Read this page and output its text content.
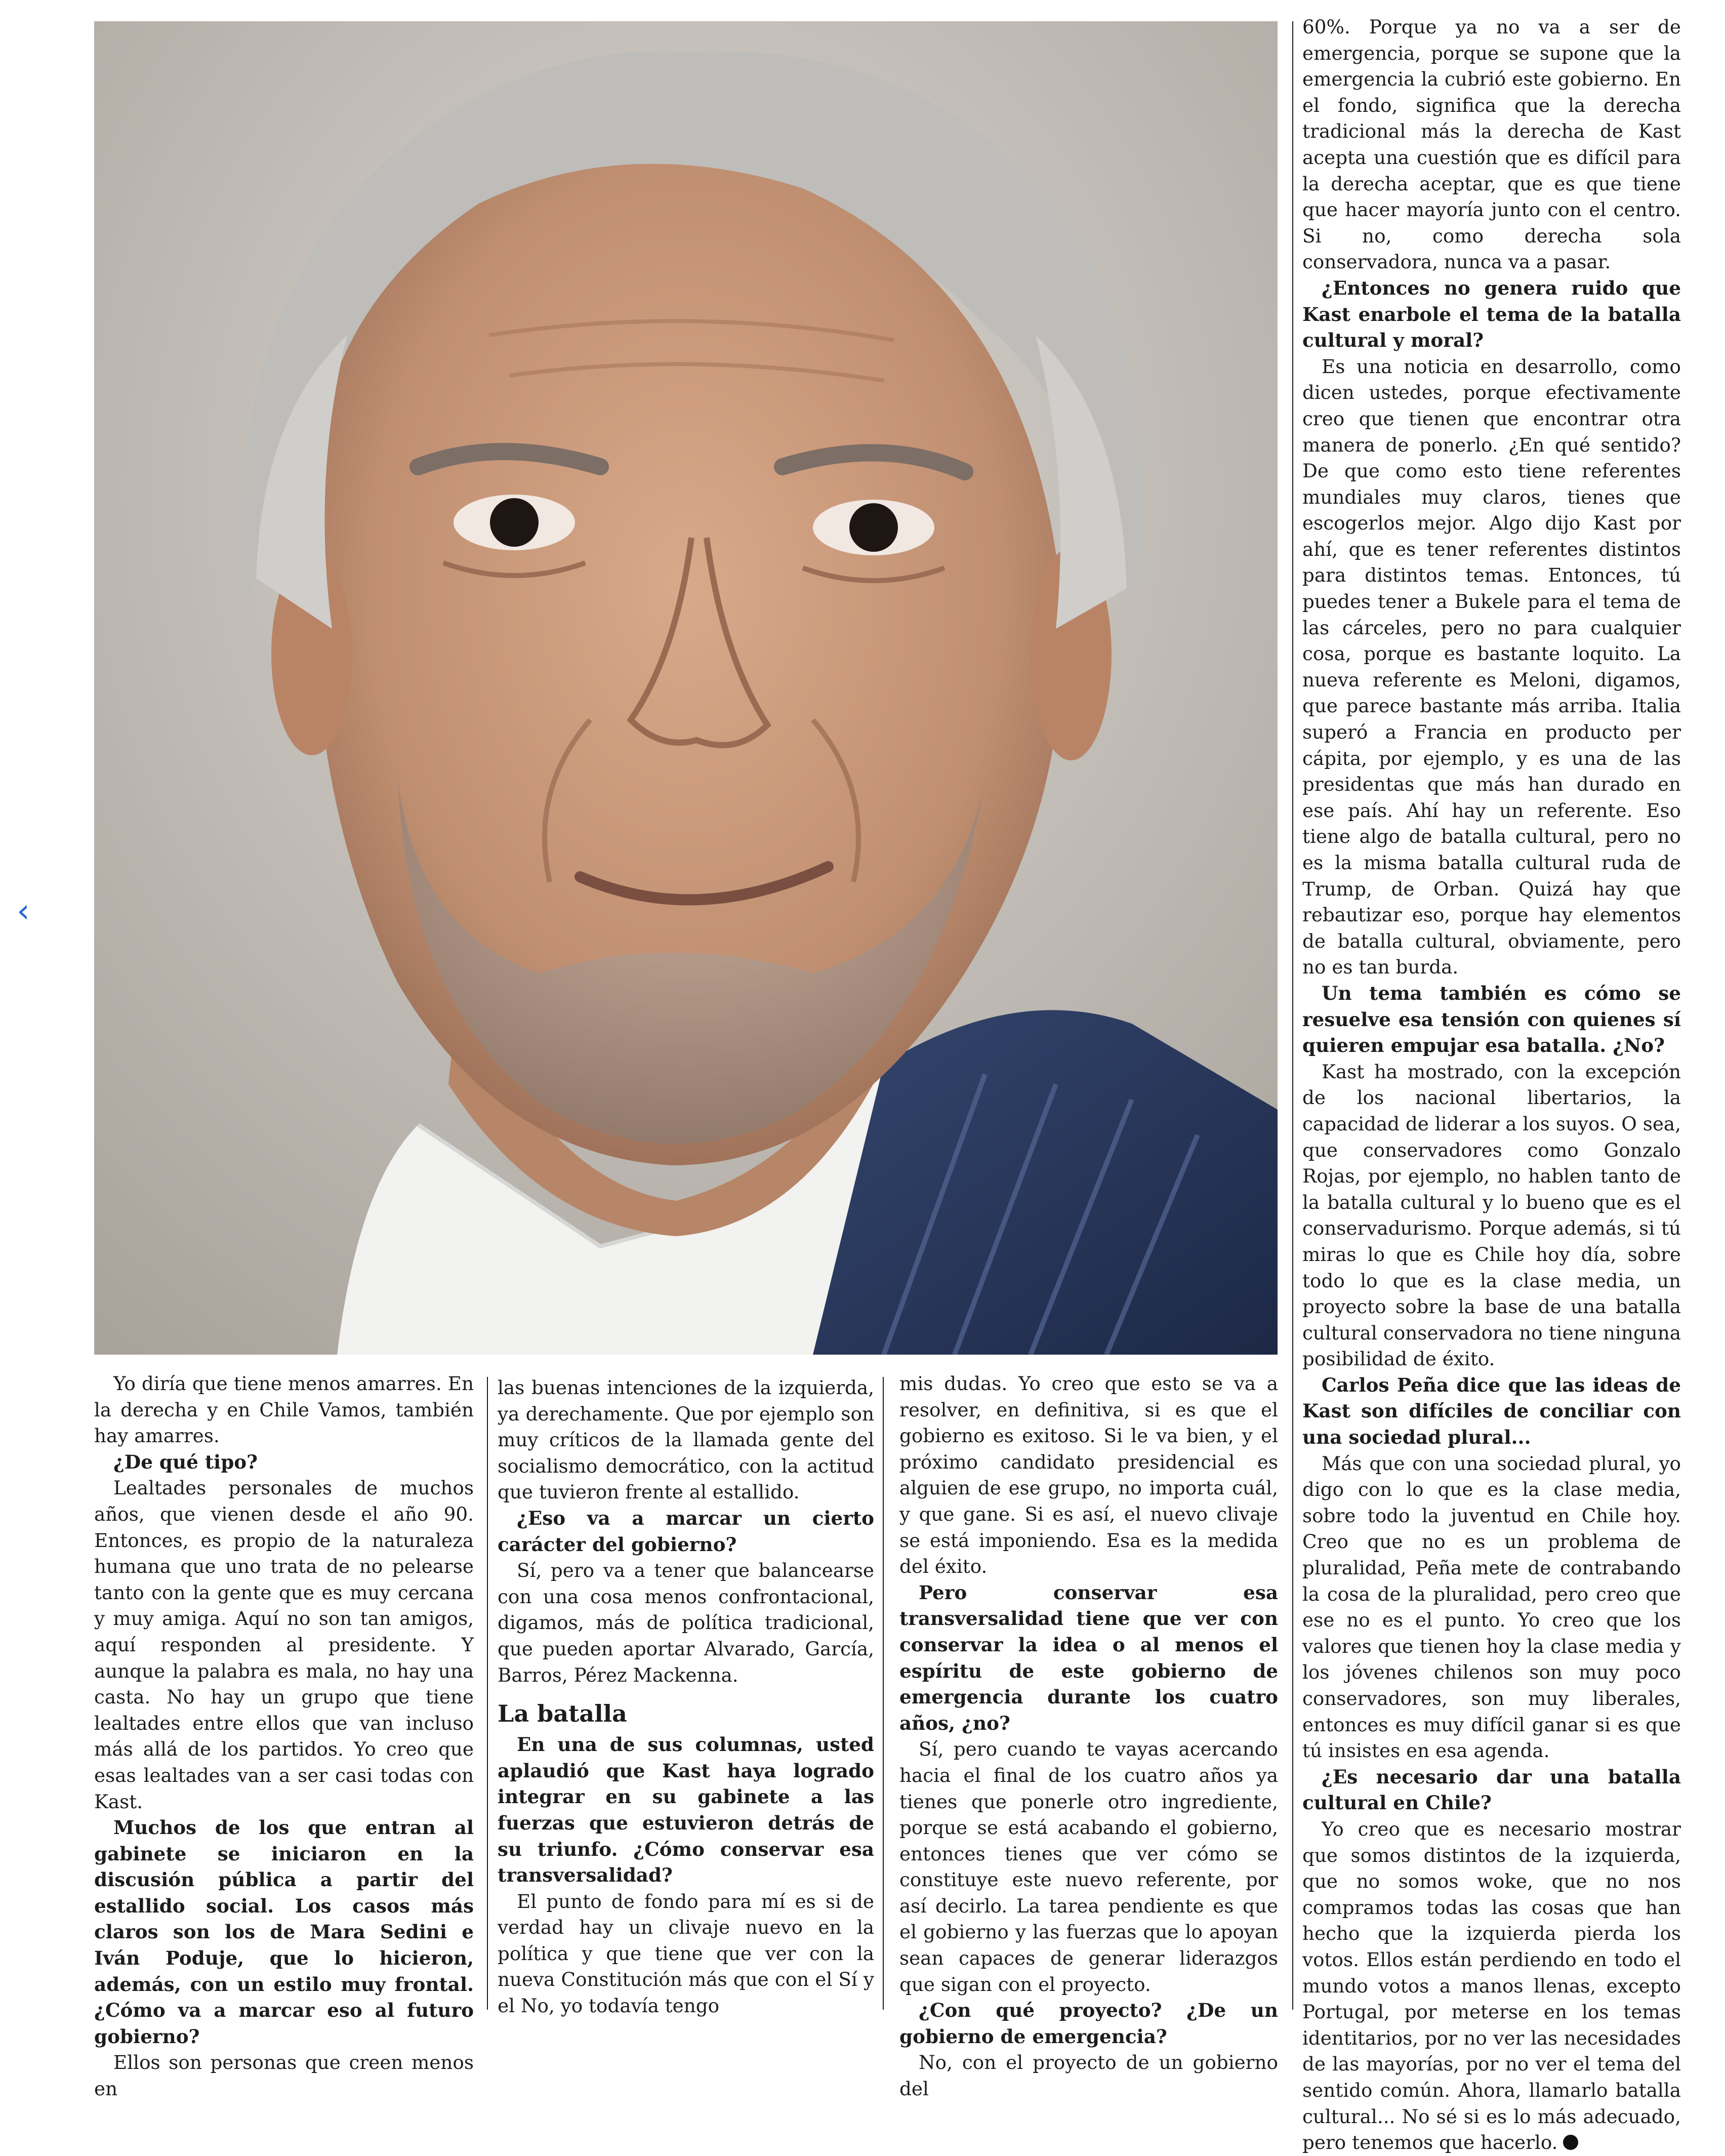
‹

Yo diría que tiene menos amarres. En la derecha y en Chile Vamos, también hay amarres.

¿De qué tipo?

Lealtades personales de muchos años, que vienen desde el año 90. Entonces, es propio de la naturaleza humana que uno trata de no pelearse tanto con la gente que es muy cercana y muy amiga. Aquí no son tan amigos, aquí responden al presidente. Y aunque la palabra es mala, no hay una casta. No hay un grupo que tiene lealtades entre ellos que van incluso más allá de los partidos. Yo creo que esas lealtades van a ser casi todas con Kast.

Muchos de los que entran al gabinete se iniciaron en la discusión pública a partir del estallido social. Los casos más claros son los de Mara Sedini e Iván Poduje, que lo hicieron, además, con un estilo muy frontal. ¿Cómo va a marcar eso al futuro gobierno?

Ellos son personas que creen menos en

las buenas intenciones de la izquierda, ya derechamente. Que por ejemplo son muy críticos de la llamada gente del socialismo democrático, con la actitud que tuvieron frente al estallido.

¿Eso va a marcar un cierto carácter del gobierno?

Sí, pero va a tener que balancearse con una cosa menos confrontacional, digamos, más de política tradicional, que pueden aportar Alvarado, García, Barros, Pérez Mackenna.

La batalla

En una de sus columnas, usted aplaudió que Kast haya logrado integrar en su gabinete a las fuerzas que estuvieron detrás de su triunfo. ¿Cómo conservar esa transversalidad?

El punto de fondo para mí es si de verdad hay un clivaje nuevo en la política y que tiene que ver con la nueva Constitución más que con el Sí y el No, yo todavía tengo

mis dudas. Yo creo que esto se va a resolver, en definitiva, si es que el gobierno es exitoso. Si le va bien, y el próximo candidato presidencial es alguien de ese grupo, no importa cuál, y que gane. Si es así, el nuevo clivaje se está imponiendo. Esa es la medida del éxito.

Pero conservar esa transversalidad tiene que ver con conservar la idea o al menos el espíritu de este gobierno de emergencia durante los cuatro años, ¿no?

Sí, pero cuando te vayas acercando hacia el final de los cuatro años ya tienes que ponerle otro ingrediente, porque se está acabando el gobierno, entonces tienes que ver cómo se constituye este nuevo referente, por así decirlo. La tarea pendiente es que el gobierno y las fuerzas que lo apoyan sean capaces de generar liderazgos que sigan con el proyecto.

¿Con qué proyecto? ¿De un gobierno de emergencia?

No, con el proyecto de un gobierno del

60%. Porque ya no va a ser de emergencia, porque se supone que la emergencia la cubrió este gobierno. En el fondo, significa que la derecha tradicional más la derecha de Kast acepta una cuestión que es difícil para la derecha aceptar, que es que tiene que hacer mayoría junto con el centro. Si no, como derecha sola conservadora, nunca va a pasar.

¿Entonces no genera ruido que Kast enarbole el tema de la batalla cultural y moral?

Es una noticia en desarrollo, como dicen ustedes, porque efectivamente creo que tienen que encontrar otra manera de ponerlo. ¿En qué sentido? De que como esto tiene referentes mundiales muy claros, tienes que escogerlos mejor. Algo dijo Kast por ahí, que es tener referentes distintos para distintos temas. Entonces, tú puedes tener a Bukele para el tema de las cárceles, pero no para cualquier cosa, porque es bastante loquito. La nueva referente es Meloni, digamos, que parece bastante más arriba. Italia superó a Francia en producto per cápita, por ejemplo, y es una de las presidentas que más han durado en ese país. Ahí hay un referente. Eso tiene algo de batalla cultural, pero no es la misma batalla cultural ruda de Trump, de Orban. Quizá hay que rebautizar eso, porque hay elementos de batalla cultural, obviamente, pero no es tan burda.

Un tema también es cómo se resuelve esa tensión con quienes sí quieren empujar esa batalla. ¿No?

Kast ha mostrado, con la excepción de los nacional libertarios, la capacidad de liderar a los suyos. O sea, que conservadores como Gonzalo Rojas, por ejemplo, no hablen tanto de la batalla cultural y lo bueno que es el conservadurismo. Porque además, si tú miras lo que es Chile hoy día, sobre todo lo que es la clase media, un proyecto sobre la base de una batalla cultural conservadora no tiene ninguna posibilidad de éxito.

Carlos Peña dice que las ideas de Kast son difíciles de conciliar con una sociedad plural...

Más que con una sociedad plural, yo digo con lo que es la clase media, sobre todo la juventud en Chile hoy. Creo que no es un problema de pluralidad, Peña mete de contrabando la cosa de la pluralidad, pero creo que ese no es el punto. Yo creo que los valores que tienen hoy la clase media y los jóvenes chilenos son muy poco conservadores, son muy liberales, entonces es muy difícil ganar si es que tú insistes en esa agenda.

¿Es necesario dar una batalla cultural en Chile?

Yo creo que es necesario mostrar que somos distintos de la izquierda, que no somos woke, que no nos compramos todas las cosas que han hecho que la izquierda pierda los votos. Ellos están perdiendo en todo el mundo votos a manos llenas, excepto Portugal, por meterse en los temas identitarios, por no ver las necesidades de las mayorías, por no ver el tema del sentido común. Ahora, llamarlo batalla cultural... No sé si es lo más adecuado, pero tenemos que hacerlo.
